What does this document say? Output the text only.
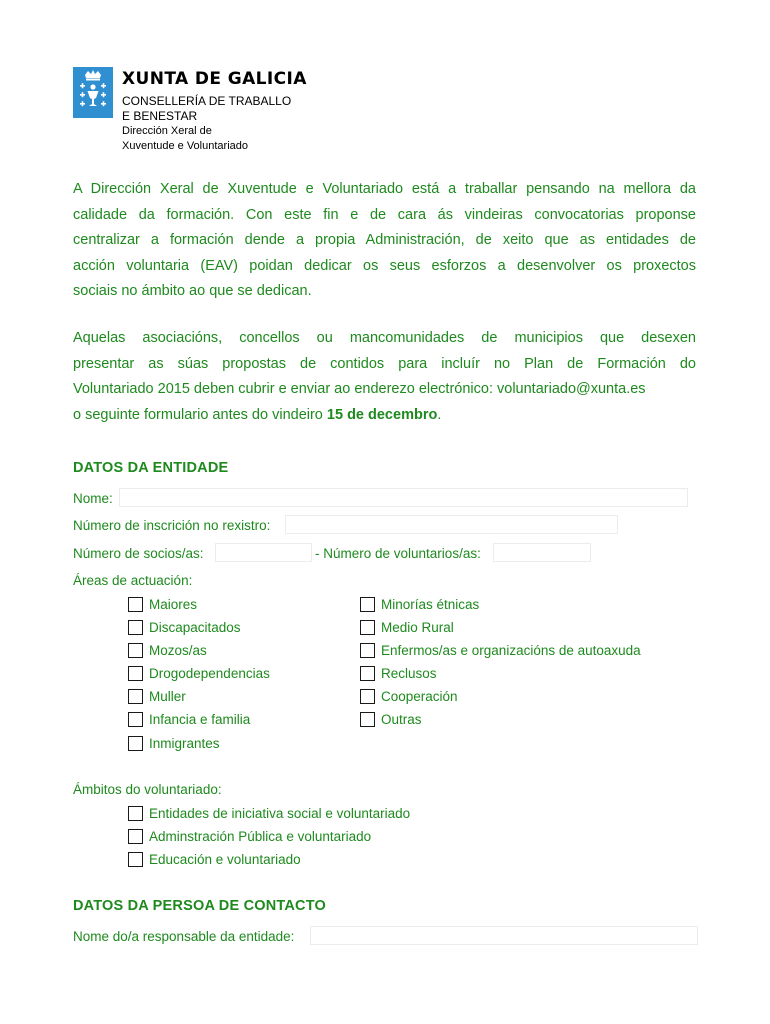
XUNTA DE GALICIA
CONSELLERÍA DE TRABALLO
E BENESTAR
Dirección Xeral de
Xuventude e Voluntariado
A Dirección Xeral de Xuventude e Voluntariado está a traballar pensando na mellora da
calidade da formación. Con este fin e de cara ás vindeiras convocatorias proponse
centralizar a formación dende a propia Administración, de xeito que as entidades de
acción voluntaria (EAV) poidan dedicar os seus esforzos a desenvolver os proxectos
sociais no ámbito ao que se dedican.
Aquelas asociacións, concellos ou mancomunidades de municipios que desexen
presentar as súas propostas de contidos para incluír no Plan de Formación do
Voluntariado 2015 deben cubrir e enviar ao enderezo electrónico: voluntariado@xunta.es
o seguinte formulario antes do vindeiro 15 de decembro.
DATOS DA ENTIDADE
Nome:
Número de inscrición no rexistro:
Número de socios/as:	- Número de voluntarios/as:
Áreas de actuación:
Maiores
Discapacitados
Mozos/as
Drogodependencias
Muller
Infancia e familia
Inmigrantes
Minorías étnicas
Medio Rural
Enfermos/as e organizacións de autoaxuda
Reclusos
Cooperación
Outras
Ámbitos do voluntariado:
Entidades de iniciativa social e voluntariado
Adminstración Pública e voluntariado
Educación e voluntariado
DATOS DA PERSOA DE CONTACTO
Nome do/a responsable da entidade:
